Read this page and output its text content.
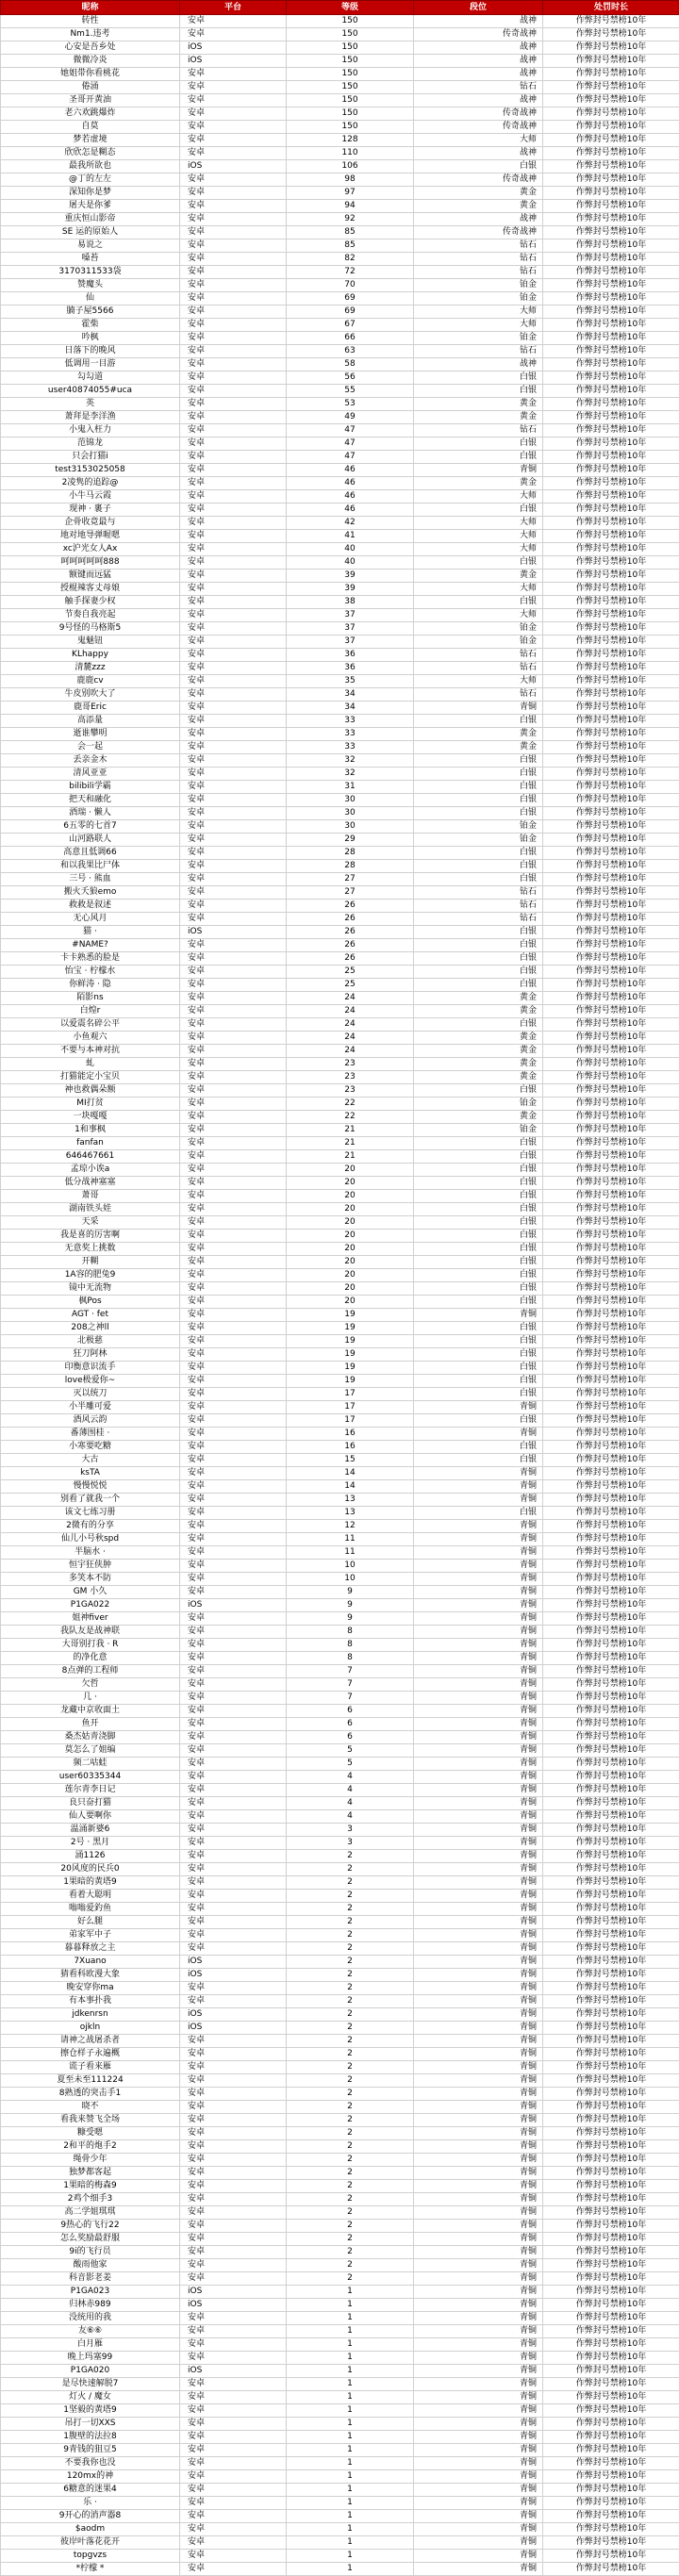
昵称	平台	等级	段位	处罚时长
转性	安卓	150	战神	作弊封号禁榜10年
Nm1.违考	安卓	150	传奇战神	作弊封号禁榜10年
心安是吾乡处	iOS	150	战神	作弊封号禁榜10年
微微冷炎	iOS	150	战神	作弊封号禁榜10年
她姐带你看桃花	安卓	150	战神	作弊封号禁榜10年
倦涌	安卓	150	钻石	作弊封号禁榜10年
圣哥开黄油	安卓	150	战神	作弊封号禁榜10年
老六欢跳爆炸	安卓	150	传奇战神	作弊封号禁榜10年
自莫	安卓	150	传奇战神	作弊封号禁榜10年
梦若虚境	安卓	128	大师	作弊封号禁榜10年
欣欣怎是糊态	安卓	110	战神	作弊封号禁榜10年
最我所欲也	iOS	106	白银	作弊封号禁榜10年
@丁的左左	安卓	98	传奇战神	作弊封号禁榜10年
深知你是梦	安卓	97	黄金	作弊封号禁榜10年
屠夫是你爹	安卓	94	黄金	作弊封号禁榜10年
重庆恒山影帝	安卓	92	战神	作弊封号禁榜10年
SE 运的原始人	安卓	85	传奇战神	作弊封号禁榜10年
易说之	安卓	85	钻石	作弊封号禁榜10年
嗓苔	安卓	82	钻石	作弊封号禁榜10年
3170311533袋	安卓	72	钻石	作弊封号禁榜10年
赞魔头	安卓	70	铂金	作弊封号禁榜10年
仙	安卓	69	铂金	作弊封号禁榜10年
腩子屋5566	安卓	69	大师	作弊封号禁榜10年
霍柴	安卓	67	大师	作弊封号禁榜10年
吟枫	安卓	66	铂金	作弊封号禁榜10年
日落下的晚风	安卓	63	钻石	作弊封号禁榜10年
低调用一目游	安卓	58	战神	作弊封号禁榜10年
勾勾道	安卓	56	白银	作弊封号禁榜10年
user40874055#uca	安卓	55	白银	作弊封号禁榜10年
英	安卓	53	黄金	作弊封号禁榜10年
萧拜是李洋渔	安卓	49	黄金	作弊封号禁榜10年
小鬼入枉力	安卓	47	钻石	作弊封号禁榜10年
范锦龙	安卓	47	白银	作弊封号禁榜10年
只会打猫i	安卓	47	白银	作弊封号禁榜10年
test3153025058	安卓	46	青铜	作弊封号禁榜10年
2凌隽的追踪@	安卓	46	黄金	作弊封号禁榜10年
小牛马云霞	安卓	46	大师	作弊封号禁榜10年
现神 · 裹子	安卓	46	白银	作弊封号禁榜10年
企骨收竟最与	安卓	42	大师	作弊封号禁榜10年
地对地导弹喔嗯	安卓	41	大师	作弊封号禁榜10年
xc沪光女人Ax	安卓	40	大师	作弊封号禁榜10年
呵呵呵呵呵888	安卓	40	白银	作弊封号禁榜10年
额键而远猛	安卓	39	黄金	作弊封号禁榜10年
授棍辣客丈母娘	安卓	39	大师	作弊封号禁榜10年
触手探妻少权	安卓	38	白银	作弊封号禁榜10年
节奏自我亮起	安卓	37	大师	作弊封号禁榜10年
9号怪的马格斯5	安卓	37	铂金	作弊封号禁榜10年
鬼魅钮	安卓	37	铂金	作弊封号禁榜10年
KLhappy	安卓	36	钻石	作弊封号禁榜10年
清麓zzz	安卓	36	钻石	作弊封号禁榜10年
鹿鹿cv	安卓	35	大师	作弊封号禁榜10年
牛皮别吹大了	安卓	34	钻石	作弊封号禁榜10年
鹿哥Eric	安卓	34	青铜	作弊封号禁榜10年
高添量	安卓	33	白银	作弊封号禁榜10年
逝谁攀明	安卓	33	黄金	作弊封号禁榜10年
会一起	安卓	33	黄金	作弊封号禁榜10年
丢亲金木	安卓	32	白银	作弊封号禁榜10年
清风亚亚	安卓	32	白银	作弊封号禁榜10年
bilibili学霸	安卓	31	白银	作弊封号禁榜10年
把天和融化	安卓	30	白银	作弊封号禁榜10年
酒瑞 · 懒人	安卓	30	白银	作弊封号禁榜10年
6五零的七首7	安卓	30	铂金	作弊封号禁榜10年
山河路联人	安卓	29	铂金	作弊封号禁榜10年
高意且低调66	安卓	28	白银	作弊封号禁榜10年
和以我果比尸体	安卓	28	白银	作弊封号禁榜10年
三号 · 熊血	安卓	27	白银	作弊封号禁榜10年
搬火夭狼emo	安卓	27	钻石	作弊封号禁榜10年
救救是叙述	安卓	26	钻石	作弊封号禁榜10年
无心风月	安卓	26	钻石	作弊封号禁榜10年
猫 ·	iOS	26	白银	作弊封号禁榜10年
#NAME?	安卓	26	白银	作弊封号禁榜10年
卡卡熟悉的脸是	安卓	26	白银	作弊封号禁榜10年
怡宝 · 柠檬水	安卓	25	白银	作弊封号禁榜10年
你鲜涛 · 隐	安卓	25	白银	作弊封号禁榜10年
陌影ns	安卓	24	黄金	作弊封号禁榜10年
白煌r	安卓	24	黄金	作弊封号禁榜10年
以爱震名碎公平	安卓	24	白银	作弊封号禁榜10年
小鱼观六	安卓	24	黄金	作弊封号禁榜10年
不要与本神对抗	安卓	24	黄金	作弊封号禁榜10年
虬	安卓	23	黄金	作弊封号禁榜10年
打猫能定小宝贝	安卓	23	黄金	作弊封号禁榜10年
神也救偶朵额	安卓	23	白银	作弊封号禁榜10年
MI打贫	安卓	22	铂金	作弊封号禁榜10年
一块嘎嘎	安卓	22	黄金	作弊封号禁榜10年
1和事枫	安卓	21	铂金	作弊封号禁榜10年
fanfan	安卓	21	白银	作弊封号禁榜10年
646467661	安卓	21	白银	作弊封号禁榜10年
孟琼小诶a	安卓	20	白银	作弊封号禁榜10年
低分战神塞塞	安卓	20	白银	作弊封号禁榜10年
萧哥	安卓	20	白银	作弊封号禁榜10年
湖南铁头娃	安卓	20	白银	作弊封号禁榜10年
天采	安卓	20	白银	作弊封号禁榜10年
我是喜的厉害啊	安卓	20	白银	作弊封号禁榜10年
无意奖上挑数	安卓	20	白银	作弊封号禁榜10年
开糊	安卓	20	白银	作弊封号禁榜10年
1A容的肥兔9	安卓	20	白银	作弊封号禁榜10年
镜中无流物	安卓	20	白银	作弊封号禁榜10年
枫Pos	安卓	20	白银	作弊封号禁榜10年
AGT · fet	安卓	19	青铜	作弊封号禁榜10年
208之神ll	安卓	19	白银	作弊封号禁榜10年
北极慈	安卓	19	白银	作弊封号禁榜10年
狂刀阿林	安卓	19	白银	作弊封号禁榜10年
印衡意识流手	安卓	19	白银	作弊封号禁榜10年
love极爱你~	安卓	19	白银	作弊封号禁榜10年
灭以统刀	安卓	17	白银	作弊封号禁榜10年
小半雕可爱	安卓	17	青铜	作弊封号禁榜10年
酒风云韵	安卓	17	白银	作弊封号禁榜10年
番薄围桂 ·	安卓	16	青铜	作弊封号禁榜10年
小寒要吃糖	安卓	16	白银	作弊封号禁榜10年
大古	安卓	15	白银	作弊封号禁榜10年
ksTA	安卓	14	青铜	作弊封号禁榜10年
慢慢悦悦	安卓	14	青铜	作弊封号禁榜10年
别看了就我一个	安卓	13	青铜	作弊封号禁榜10年
该文七练习册	安卓	13	白银	作弊封号禁榜10年
2微有的分享	安卓	12	青铜	作弊封号禁榜10年
仙儿小号秋spd	安卓	11	青铜	作弊封号禁榜10年
半脑水 ·	安卓	11	青铜	作弊封号禁榜10年
恒宇狂侠肿	安卓	10	青铜	作弊封号禁榜10年
多笑本不防	安卓	10	青铜	作弊封号禁榜10年
GM 小久	安卓	9	青铜	作弊封号禁榜10年
P1GA022	iOS	9	青铜	作弊封号禁榜10年
姐神fiver	安卓	9	青铜	作弊封号禁榜10年
我队友是战神联	安卓	8	青铜	作弊封号禁榜10年
大哥别打我 · R	安卓	8	青铜	作弊封号禁榜10年
的净化意	安卓	8	青铜	作弊封号禁榜10年
8点弹的工程师	安卓	7	青铜	作弊封号禁榜10年
欠哲	安卓	7	青铜	作弊封号禁榜10年
几 ·	安卓	7	青铜	作弊封号禁榜10年
龙藏中京收面土	安卓	6	青铜	作弊封号禁榜10年
鱼开	安卓	6	青铜	作弊封号禁榜10年
桑杰姑青浇脚	安卓	6	青铜	作弊封号禁榜10年
莫怎么了姐编	安卓	5	青铜	作弊封号禁榜10年
频二咕蛙	安卓	5	青铜	作弊封号禁榜10年
user60335344	安卓	4	青铜	作弊封号禁榜10年
莲尔青李日记	安卓	4	青铜	作弊封号禁榜10年
良只奋打猫	安卓	4	青铜	作弊封号禁榜10年
仙人要啊你	安卓	4	青铜	作弊封号禁榜10年
温涌新婆6	安卓	3	青铜	作弊封号禁榜10年
2号 · 黑月	安卓	3	青铜	作弊封号禁榜10年
涌1126	安卓	2	青铜	作弊封号禁榜10年
20风度的民兵0	安卓	2	青铜	作弊封号禁榜10年
1果暗的黄塔9	安卓	2	青铜	作弊封号禁榜10年
看着大聪明	安卓	2	青铜	作弊封号禁榜10年
嗡嗡爱釣鱼	安卓	2	青铜	作弊封号禁榜10年
好么腿	安卓	2	青铜	作弊封号禁榜10年
弟家军中子	安卓	2	青铜	作弊封号禁榜10年
暮暮释放之主	安卓	2	青铜	作弊封号禁榜10年
7Xuano	iOS	2	青铜	作弊封号禁榜10年
猜看科欧漫大象	iOS	2	青铜	作弊封号禁榜10年
晚安穿你ma	安卓	2	青铜	作弊封号禁榜10年
有本事扑我	安卓	2	青铜	作弊封号禁榜10年
jdkenrsn	iOS	2	青铜	作弊封号禁榜10年
ojkln	iOS	2	青铜	作弊封号禁榜10年
请神之战屠杀者	安卓	2	青铜	作弊封号禁榜10年
擦仓样子永遍概	安卓	2	青铜	作弊封号禁榜10年
谎子看来雁	安卓	2	青铜	作弊封号禁榜10年
夏至未至111224	安卓	2	青铜	作弊封号禁榜10年
8熟透的突击手1	安卓	2	青铜	作弊封号禁榜10年
晓不	安卓	2	青铜	作弊封号禁榜10年
看我来赞飞全场	安卓	2	青铜	作弊封号禁榜10年
糠受嗯	安卓	2	青铜	作弊封号禁榜10年
2和平的炮手2	安卓	2	青铜	作弊封号禁榜10年
绳骨少年	安卓	2	青铜	作弊封号禁榜10年
独梦都客起	安卓	2	青铜	作弊封号禁榜10年
1果暗的梅森9	安卓	2	青铜	作弊封号禁榜10年
2鸡个细手3	安卓	2	青铜	作弊封号禁榜10年
高二学姐琪琪	安卓	2	青铜	作弊封号禁榜10年
9热心的飞行22	安卓	2	青铜	作弊封号禁榜10年
怎么奖励最舒服	安卓	2	青铜	作弊封号禁榜10年
9i的飞行员	安卓	2	青铜	作弊封号禁榜10年
酸雨他家	安卓	2	青铜	作弊封号禁榜10年
科音影老姜	安卓	2	青铜	作弊封号禁榜10年
P1GA023	iOS	1	青铜	作弊封号禁榜10年
归林赤989	iOS	1	青铜	作弊封号禁榜10年
没统用的我	安卓	1	青铜	作弊封号禁榜10年
友⑥⑥	安卓	1	青铜	作弊封号禁榜10年
白月雁	安卓	1	青铜	作弊封号禁榜10年
晚上玛塞99	安卓	1	青铜	作弊封号禁榜10年
P1GA020	iOS	1	青铜	作弊封号禁榜10年
是尽快速解脱7	安卓	1	青铜	作弊封号禁榜10年
灯火 / 魔女	安卓	1	青铜	作弊封号禁榜10年
1坚毅的黄塔9	安卓	1	青铜	作弊封号禁榜10年
吊打一切XXS	安卓	1	青铜	作弊封号禁榜10年
1腹壁的法拉8	安卓	1	青铜	作弊封号禁榜10年
9青钱的狙豆5	安卓	1	青铜	作弊封号禁榜10年
不要我你也没	安卓	1	青铜	作弊封号禁榜10年
120mx的神	安卓	1	青铜	作弊封号禁榜10年
6糖意的迷果4	安卓	1	青铜	作弊封号禁榜10年
乐 ·	安卓	1	青铜	作弊封号禁榜10年
9开心的消声器8	安卓	1	青铜	作弊封号禁榜10年
$aodm	安卓	1	青铜	作弊封号禁榜10年
彼岸叶落花花开	安卓	1	青铜	作弊封号禁榜10年
topgvzs	安卓	1	青铜	作弊封号禁榜10年
*柠檬 *	安卓	1	青铜	作弊封号禁榜10年
